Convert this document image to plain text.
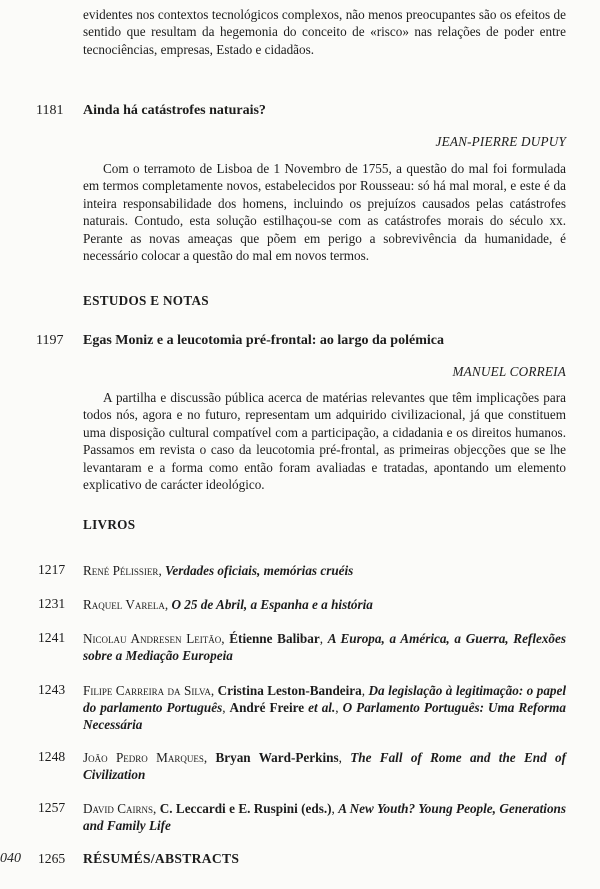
evidentes nos contextos tecnológicos complexos, não menos preocupantes são os efeitos de sentido que resultam da hegemonia do conceito de «risco» nas relações de poder entre tecnociências, empresas, Estado e cidadãos.

1181	Ainda há catástrofes naturais?
JEAN-PIERRE DUPUY

Com o terramoto de Lisboa de 1 Novembro de 1755, a questão do mal foi formulada em termos completamente novos, estabelecidos por Rousseau: só há mal moral, e este é da inteira responsabilidade dos homens, incluindo os prejuízos causados pelas catástrofes naturais. Contudo, esta solução estilhaçou-se com as catástrofes morais do século xx. Perante as novas ameaças que põem em perigo a sobrevivência da humanidade, é necessário colocar a questão do mal em novos termos.

ESTUDOS E NOTAS
1197	Egas Moniz e a leucotomia pré-frontal: ao largo da polémica
MANUEL CORREIA

A partilha e discussão pública acerca de matérias relevantes que têm implicações para todos nós, agora e no futuro, representam um adquirido civilizacional, já que constituem uma disposição cultural compatível com a participação, a cidadania e os direitos humanos. Passamos em revista o caso da leucotomia pré-frontal, as primeiras objecções que se lhe levantaram e a forma como então foram avaliadas e tratadas, apontando um elemento explicativo de carácter ideológico.

LIVROS
1217	René Pélissier, Verdades oficiais, memórias cruéis
1231	Raquel Varela, O 25 de Abril, a Espanha e a história
1241	Nicolau Andresen Leitão, Étienne Balibar, A Europa, a América, a Guerra, Reflexões sobre a Mediação Europeia
1243	Filipe Carreira da Silva, Cristina Leston-Bandeira, Da legislação à legitimação: o papel do parlamento Português, André Freire et al., O Parlamento Português: Uma Reforma Necessária
1248	João Pedro Marques, Bryan Ward-Perkins, The Fall of Rome and the End of Civilization
1257	David Cairns, C. Leccardi e E. Ruspini (eds.), A New Youth? Young People, Generations and Family Life
040 1265	RÉSUMÉS/ABSTRACTS
